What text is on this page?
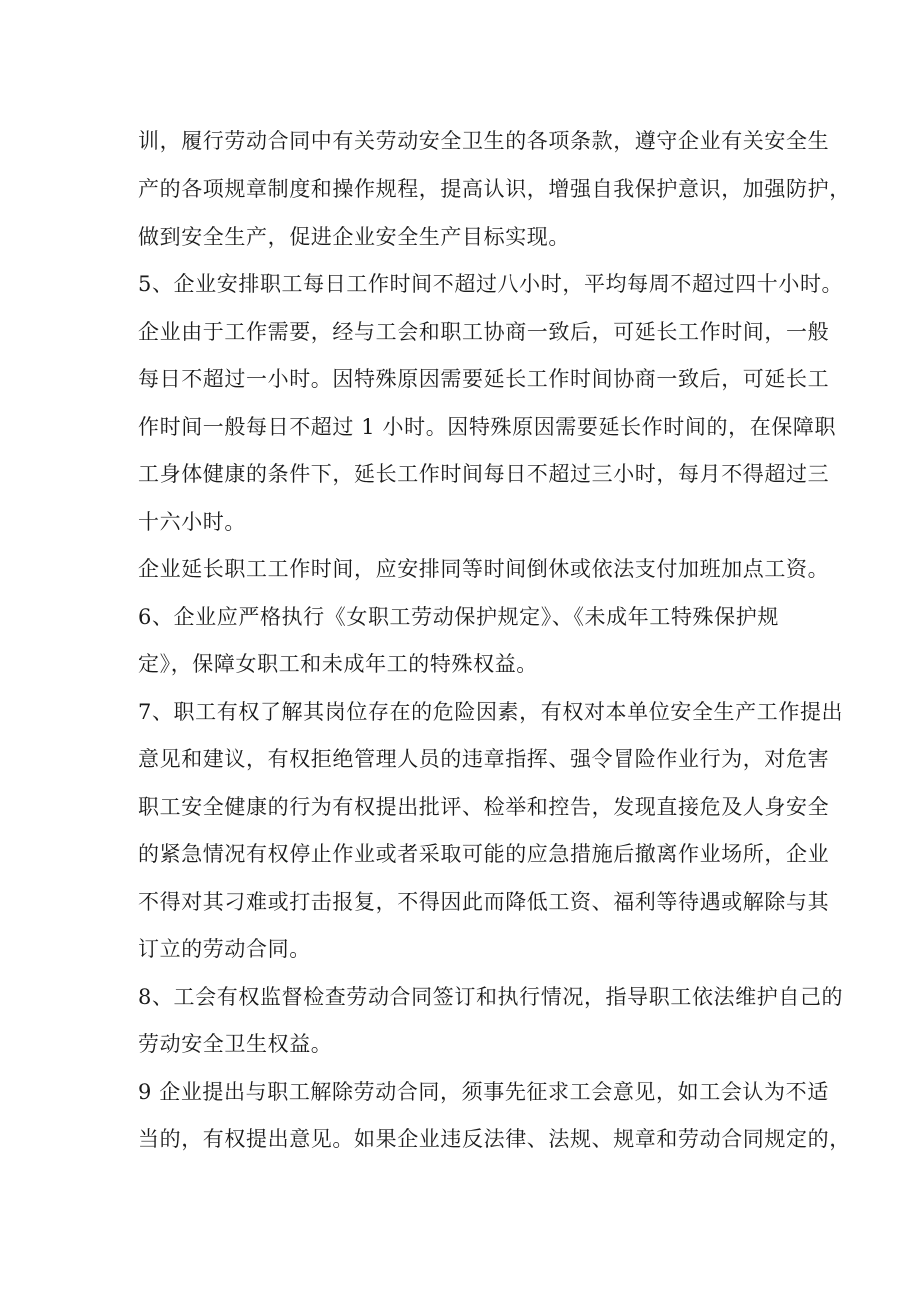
训，履行劳动合同中有关劳动安全卫生的各项条款，遵守企业有关安全生
产的各项规章制度和操作规程，提高认识，增强自我保护意识，加强防护，
做到安全生产，促进企业安全生产目标实现。
5、企业安排职工每日工作时间不超过八小时，平均每周不超过四十小时。
企业由于工作需要，经与工会和职工协商一致后，可延长工作时间，一般
每日不超过一小时。因特殊原因需要延长工作时间协商一致后，可延长工
作时间一般每日不超过 1 小时。因特殊原因需要延长作时间的，在保障职
工身体健康的条件下，延长工作时间每日不超过三小时，每月不得超过三
十六小时。
企业延长职工工作时间，应安排同等时间倒休或依法支付加班加点工资。
6、企业应严格执行《女职工劳动保护规定》、《未成年工特殊保护规
定》，保障女职工和未成年工的特殊权益。
7、职工有权了解其岗位存在的危险因素，有权对本单位安全生产工作提出
意见和建议，有权拒绝管理人员的违章指挥、强令冒险作业行为，对危害
职工安全健康的行为有权提出批评、检举和控告，发现直接危及人身安全
的紧急情况有权停止作业或者采取可能的应急措施后撤离作业场所，企业
不得对其刁难或打击报复，不得因此而降低工资、福利等待遇或解除与其
订立的劳动合同。
8、工会有权监督检查劳动合同签订和执行情况，指导职工依法维护自己的
劳动安全卫生权益。
9 企业提出与职工解除劳动合同，须事先征求工会意见，如工会认为不适
当的，有权提出意见。如果企业违反法律、法规、规章和劳动合同规定的，
